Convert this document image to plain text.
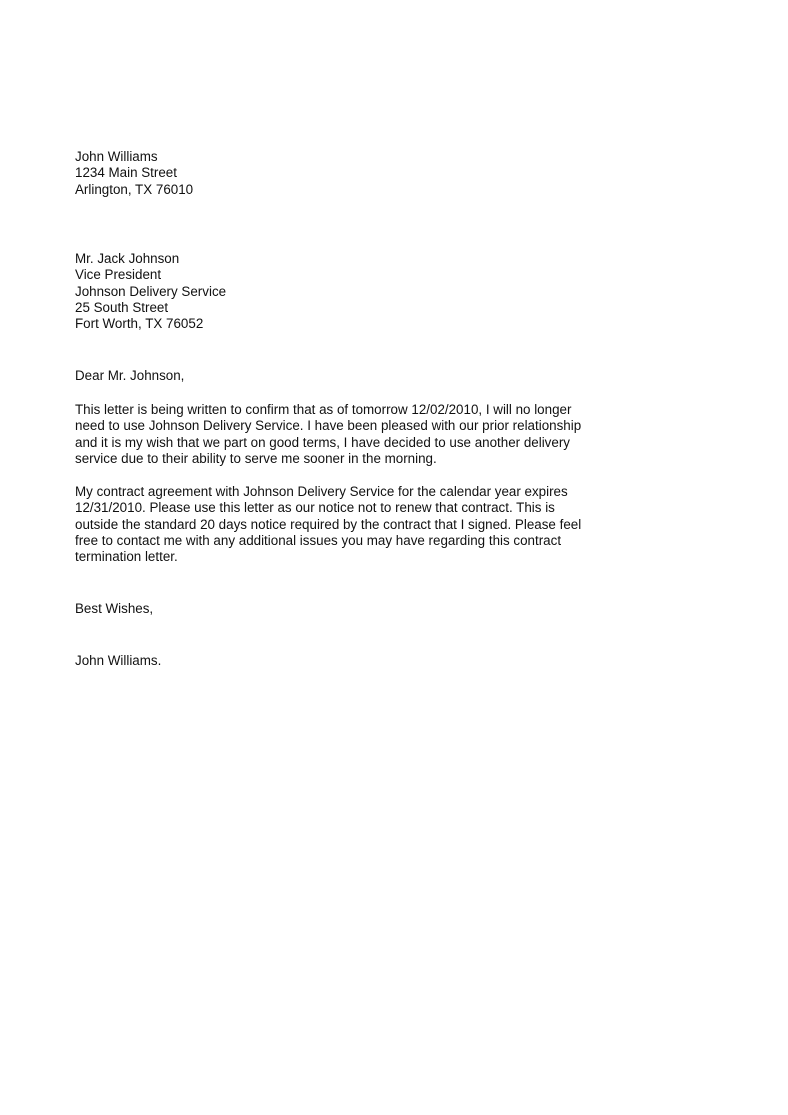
John Williams
1234 Main Street
Arlington, TX 76010
Mr. Jack Johnson
Vice President
Johnson Delivery Service
25 South Street
Fort Worth, TX 76052
Dear Mr. Johnson,
This letter is being written to confirm that as of tomorrow 12/02/2010, I will no longer
need to use Johnson Delivery Service. I have been pleased with our prior relationship
and it is my wish that we part on good terms, I have decided to use another delivery
service due to their ability to serve me sooner in the morning.
My contract agreement with Johnson Delivery Service for the calendar year expires
12/31/2010. Please use this letter as our notice not to renew that contract. This is
outside the standard 20 days notice required by the contract that I signed. Please feel
free to contact me with any additional issues you may have regarding this contract
termination letter.
Best Wishes,
John Williams.
